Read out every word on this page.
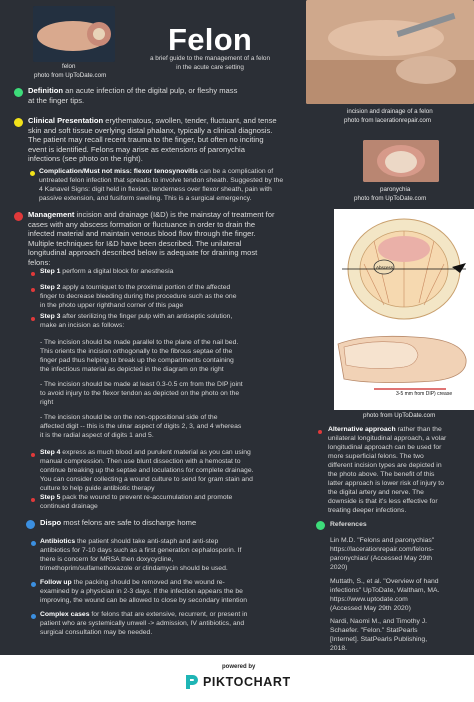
felon
photo from UpToDate.com
Felon
a brief guide to the management of a felon
in the acute care setting
incision and drainage of a felon
photo from lacerationrepair.com
Definition an acute infection of the digital pulp, or fleshy mass
at the finger tips.
Clinical Presentation erythematous, swollen, tender, fluctuant, and tense
skin and soft tissue overlying distal phalanx, typically a clinical diagnosis.
The patient may recall recent trauma to the finger, but often no inciting
event is identified. Felons may arise as extensions of paronychia
infections (see photo on the right).
Complication/Must not miss: flexor tenosynovitis can be a complication of
untreated felon infection that spreads to involve tendon sheath. Suggested by the
4 Kanavel Signs: digit held in flexion, tenderness over flexor sheath, pain with
passive extension, and fusiform swelling. This is a surgical emergency.
paronychia
photo from UpToDate.com
Management incision and drainage (I&D) is the mainstay of treatment for
cases with any abscess formation or fluctuance in order to drain the
infected material and maintain venous blood flow through the finger.
Multiple techniques for I&D have been described. The unilateral
longitudinal approach described below is adequate for draining most
felons:
Step 1 perform a digital block for anesthesia
Step 2 apply a tourniquet to the proximal portion of the affected
finger to decrease bleeding during the procedure such as the one
in the photo upper righthand corner of this page
Step 3 after sterilizing the finger pulp with an antiseptic solution,
make an incision as follows:
- The incision should be made parallel to the plane of the nail bed.
This orients the incision orthogonally to the fibrous septae of the
finger pad thus helping to break up the compartments containing
the infectious material as depicted in the diagram on the right
- The incision should be made at least 0.3-0.5 cm from the DIP joint
to avoid injury to the flexor tendon as depicted on the photo on the
right
- The incision should be on the non-oppositional side of the
affected digit -- this is the ulnar aspect of digits 2, 3, and 4 whereas
it is the radial aspect of digits 1 and 5.
Step 4 express as much blood and purulent material as you can using
manual compression. Then use blunt dissection with a hemostat to
continue breaking up the septae and loculations for complete drainage.
You can consider collecting a wound culture to send for gram stain and
culture to help guide antibiotic therapy
Step 5 pack the wound to prevent re-accumulation and promote
continued drainage
Abscess
3-5 mm from DIP) crease
photo from UpToDate.com
Alternative approach rather than the
unilateral longitudinal approach, a volar
longitudinal approach can be used for
more superficial felons. The two
different incision types are depicted in
the photo above. The benefit of this
latter approach is lower risk of injury to
the digital artery and nerve. The
downside is that it's less effective for
treating deeper infections.
Dispo most felons are safe to discharge home
Antibiotics the patient should take anti-staph and anti-step
antibiotics for 7-10 days such as a first generation cephalosporin. If
there is concern for MRSA then doxycycline,
trimethoprim/sulfamethoxazole or clindamycin should be used.
Follow up the packing should be removed and the wound re-
examined by a physician in 2-3 days. If the infection appears the be
improving, the wound can be allowed to close by secondary intention
Complex cases for felons that are extensive, recurrent, or present in
patient who are systemically unwell -> admission, IV antibiotics, and
surgical consultation may be needed.
References
Lin M.D. "Felons and paronychias"
https://lacerationrepair.com/felons-
paronychias/ (Accessed May 29th
2020)
Muttath, S., et al. "Overview of hand
infections" UpToDate, Waltham, MA.
https://www.uptodate.com
(Accessed May 29th 2020)
Nardi, Naomi M., and Timothy J.
Schaefer. "Felon." StatPearls
[Internet]. StatPearls Publishing,
2018.
powered by
PIKTOCHART
